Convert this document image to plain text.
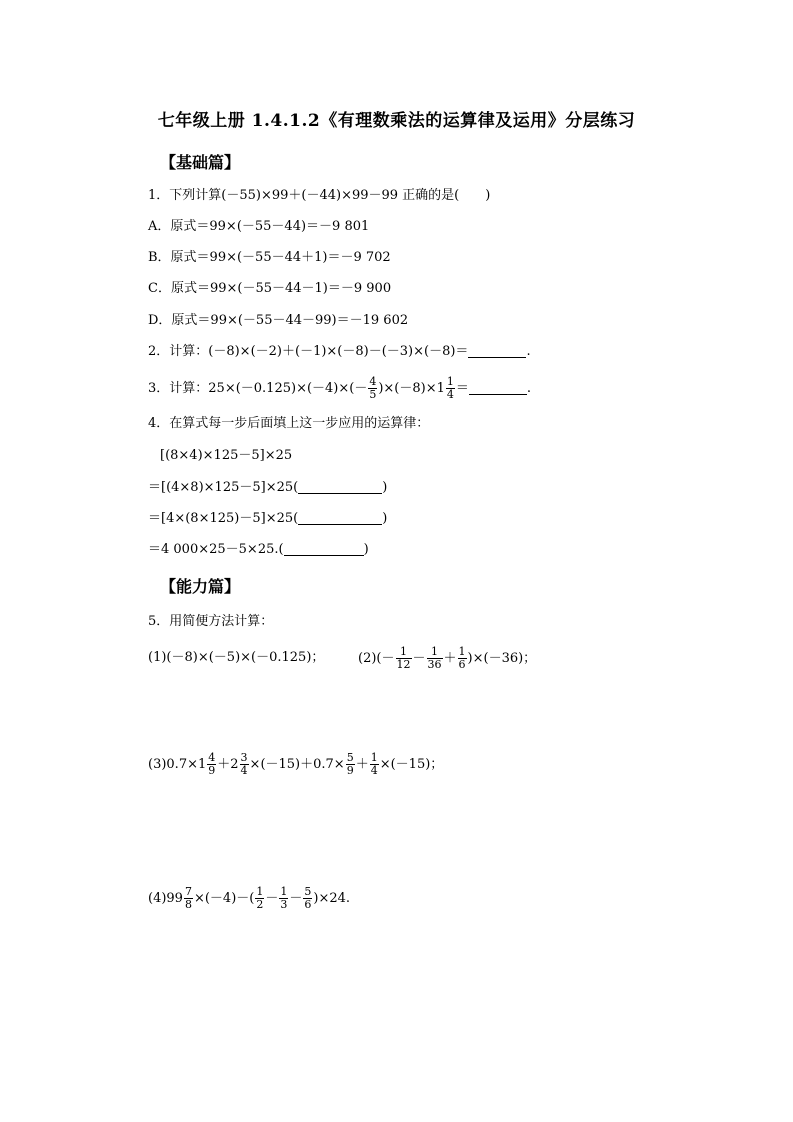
七年级上册 1.4.1.2《有理数乘法的运算律及运用》分层练习
【基础篇】
1．下列计算(－55)×99＋(－44)×99－99 正确的是(　　)
A．原式＝99×(－55－44)＝－9 801
B．原式＝99×(－55－44＋1)＝－9 702
C．原式＝99×(－55－44－1)＝－9 900
D．原式＝99×(－55－44－99)＝－19 602
2．计算：(－8)×(－2)＋(－1)×(－8)－(－3)×(－8)＝	.
3．计算：$25\times(-0.125)\times(-4)\times(- \frac{4}{5} )\times(-8)\times 1 \frac{1}{4}$ ＝	.
4．在算式每一步后面填上这一步应用的运算律：
[(8×4)×125－5]×25
＝[(4×8)×125－5]×25(	)
＝[4×(8×125)－5]×25(	)
＝4 000×25－5×25.(	)
【能力篇】
5．用简便方法计算：
(1)(－8)×(－5)×(－0.125)；	$(2)(- \frac{1}{12} - \frac{1}{36} + \frac{1}{6} )\times(-36)$；
$(3)0.7\times 1 \frac{4}{9} +2 \frac{3}{4} \times(-15)+0.7\times \frac{5}{9} + \frac{1}{4} \times(-15)$；
$(4)99 \frac{7}{8} \times(-4)-( \frac{1}{2} - \frac{1}{3} - \frac{5}{6} )\times 24$.
